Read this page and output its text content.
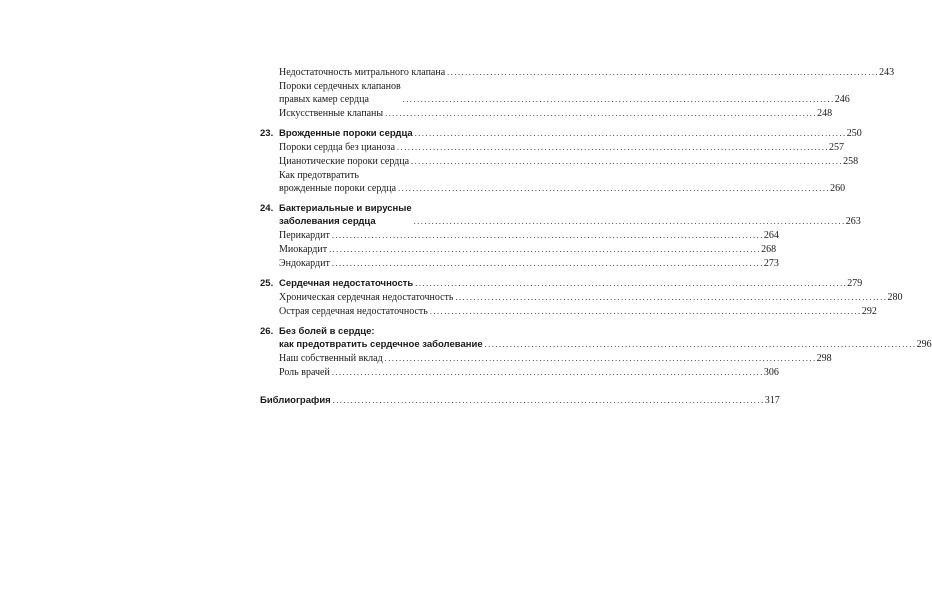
Недостаточность митрального клапана ........................................................................................................................ 243
Пороки сердечных клапанов
правых камер сердца	........................................................................................................................ 246
Искусственные клапаны ........................................................................................................................ 248
23. Врожденные пороки сердца ........................................................................................................................ 250
Пороки сердца без цианоза ........................................................................................................................ 257
Цианотические пороки сердца ........................................................................................................................ 258
Как предотвратить
врожденные пороки сердца ........................................................................................................................ 260
24. Бактериальные и вирусные
заболевания сердца	........................................................................................................................ 263
Перикардит ........................................................................................................................ 264
Миокардит ........................................................................................................................ 268
Эндокардит ........................................................................................................................ 273
25. Сердечная недостаточность ........................................................................................................................ 279
Хроническая сердечная недостаточность ........................................................................................................................ 280
Острая сердечная недостаточность ........................................................................................................................ 292
26. Без болей в сердце:
как предотвратить сердечное заболевание ........................................................................................................................ 296
Наш собственный вклад ........................................................................................................................ 298
Роль врачей ........................................................................................................................ 306
Библиография ........................................................................................................................ 317
